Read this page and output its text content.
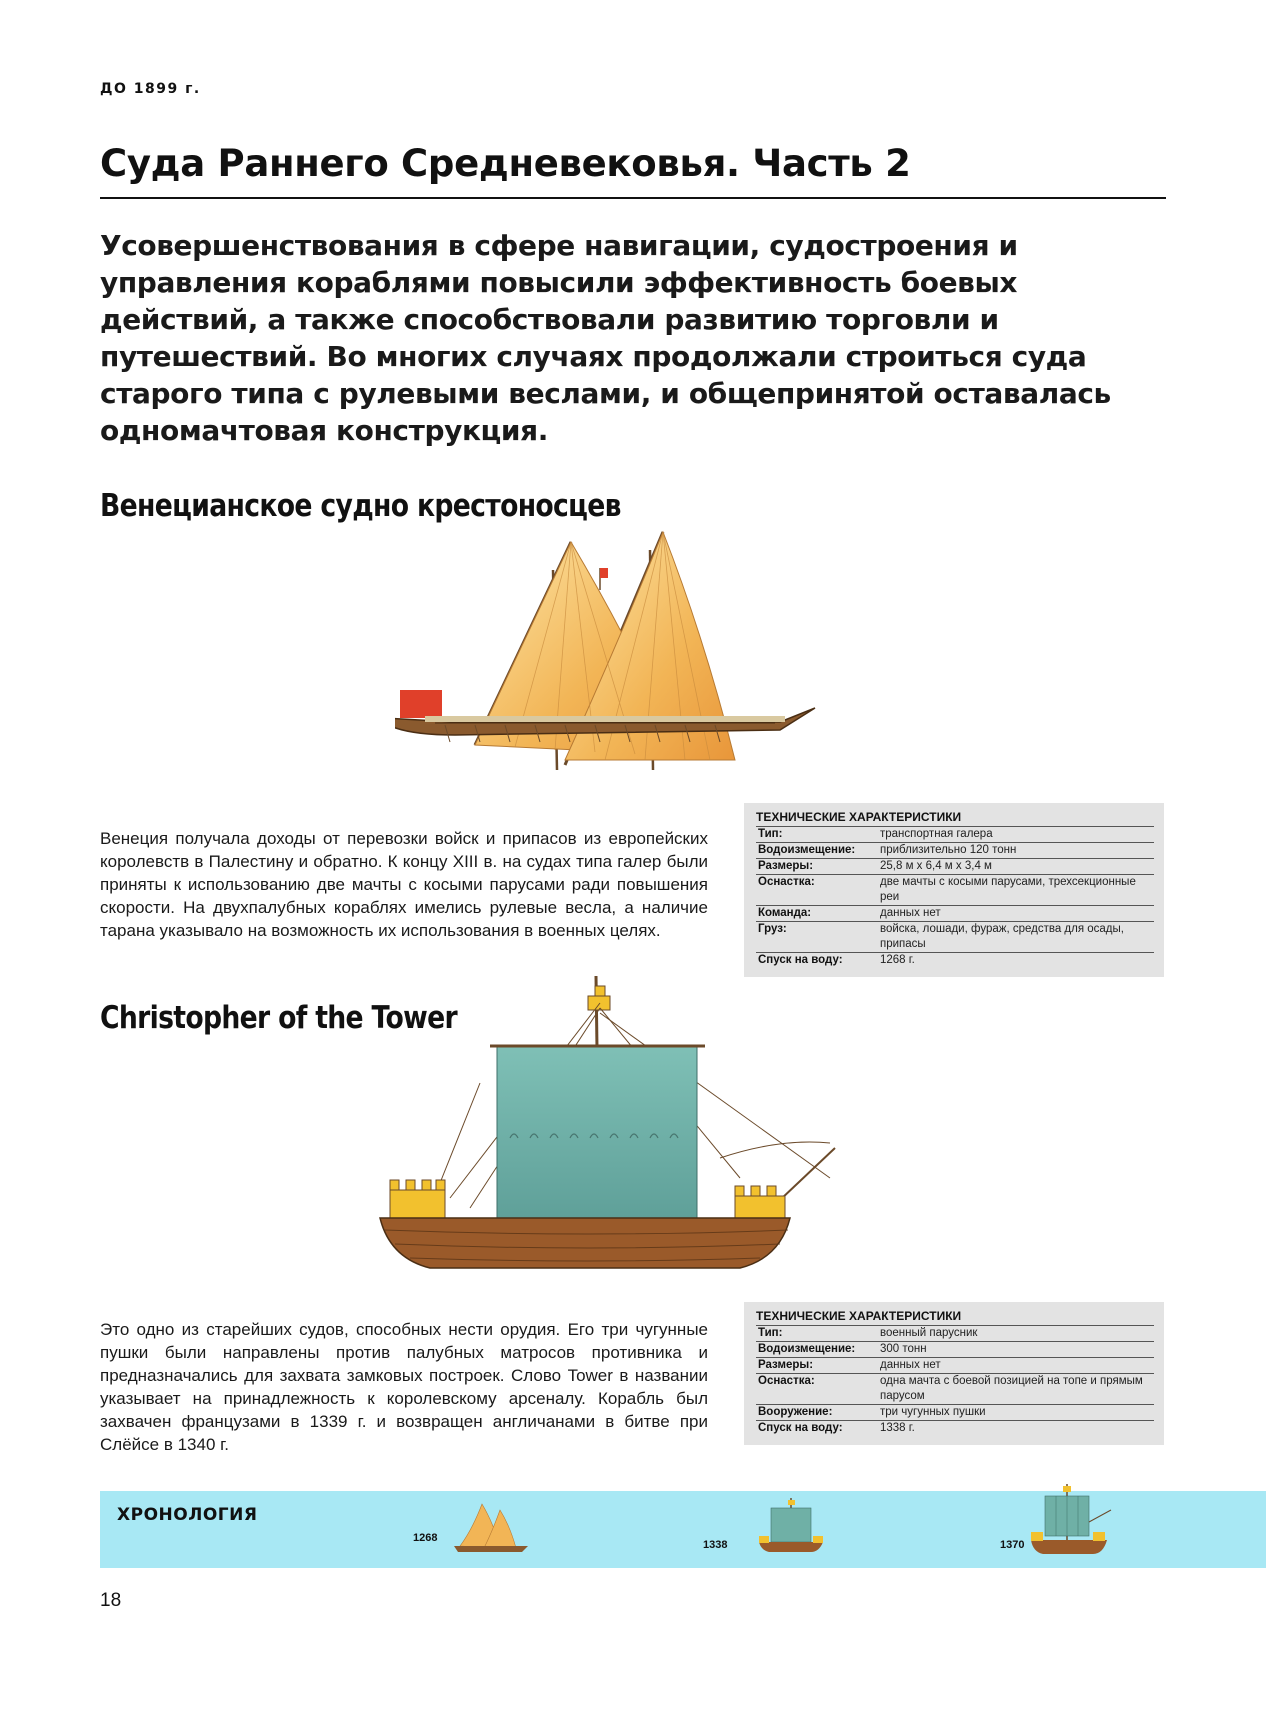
ДО 1899 г.
Суда Раннего Средневековья. Часть 2

Усовершенствования в сфере навигации, судостроения и управления кораблями повысили эффективность боевых действий, а также способствовали развитию торговли и путешествий. Во многих случаях продолжали строиться суда старого типа с рулевыми веслами, и общепринятой оставалась одномачтовая конструкция.

Венецианское судно крестоносцев

Венеция получала доходы от перевозки войск и припасов из европейских королевств в Палестину и обратно. К концу XIII в. на судах типа галер были приняты к использованию две мачты с косыми парусами ради повышения скорости. На двухпалубных кораблях имелись рулевые весла, а наличие тарана указывало на возможность их использования в военных целях.

ТЕХНИЧЕСКИЕ ХАРАКТЕРИСТИКИ
Тип:	транспортная галера
Водоизмещение:	приблизительно 120 тонн
Размеры:	25,8 м x 6,4 м x 3,4 м
Оснастка:	две мачты с косыми парусами, трехсекционные реи
Команда:	данных нет
Груз:	войска, лошади, фураж, средства для осады, припасы
Спуск на воду:	1268 г.
Christopher of the Tower

Это одно из старейших судов, способных нести орудия. Его три чугунные пушки были направлены против палубных матросов противника и предназначались для захвата замковых построек. Слово Tower в названии указывает на принадлежность к королевскому арсеналу. Корабль был захвачен французами в 1339 г. и возвращен англичанами в битве при Слёйсе в 1340 г.

ТЕХНИЧЕСКИЕ ХАРАКТЕРИСТИКИ
Тип:	военный парусник
Водоизмещение:	300 тонн
Размеры:	данных нет
Оснастка:	одна мачта с боевой позицией на топе и прямым парусом
Вооружение:	три чугунных пушки
Спуск на воду:	1338 г.
ХРОНОЛОГИЯ
1268
1338	1370
18
